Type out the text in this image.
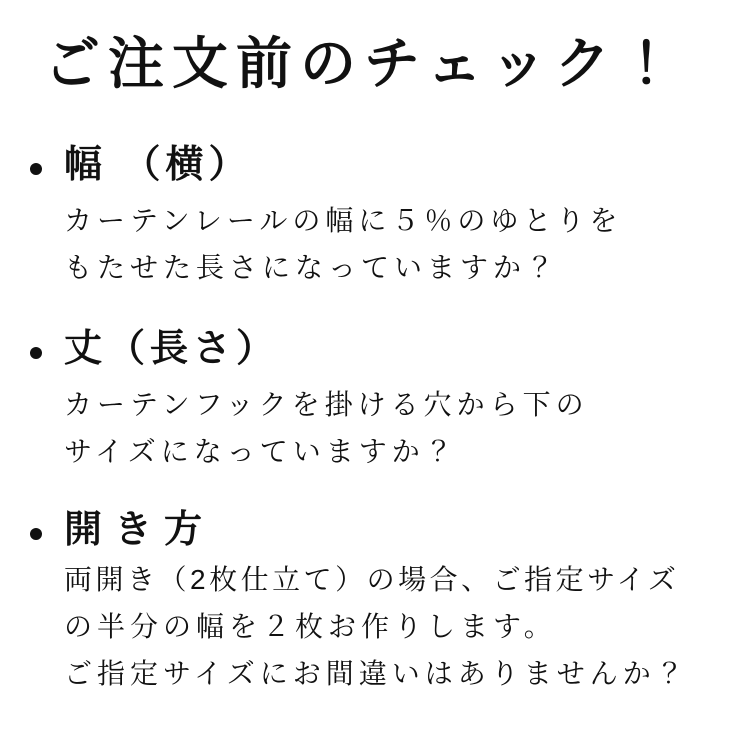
ご注文前のチェック！
幅 （横）

カーテンレールの幅に５％のゆとりを

もたせた長さになっていますか？

丈（長さ）

カーテンフックを掛ける穴から下の

サイズになっていますか？

開き方

両開き（2枚仕立て）の場合、ご指定サイズ

の半分の幅を２枚お作りします。

ご指定サイズにお間違いはありませんか？
